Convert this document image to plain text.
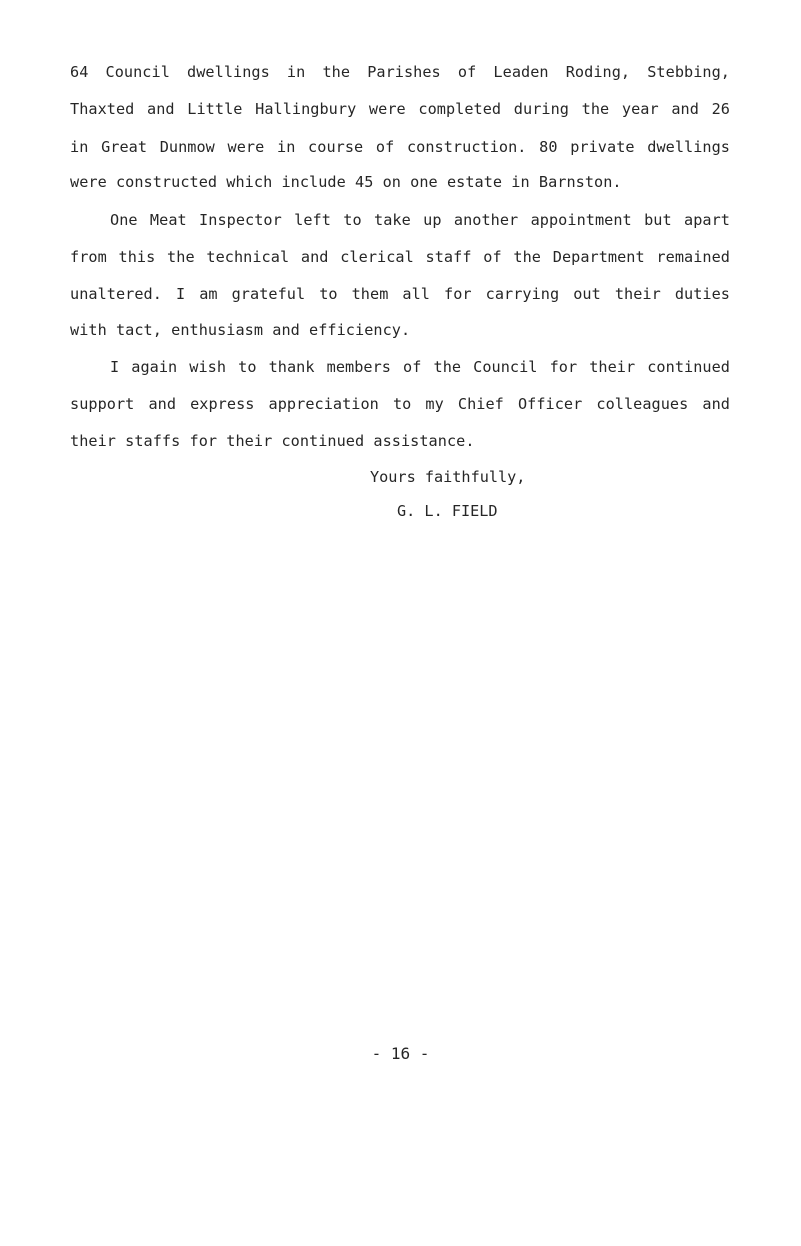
64 Council dwellings in the Parishes of Leaden Roding, Stebbing,
Thaxted and Little Hallingbury were completed during the year and 26
in Great Dunmow were in course of construction. 80 private dwellings
were constructed which include 45 on one estate in Barnston.
One Meat Inspector left to take up another appointment but apart
from this the technical and clerical staff of the Department remained
unaltered. I am grateful to them all for carrying out their duties
with tact, enthusiasm and efficiency.
I again wish to thank members of the Council for their continued
support and express appreciation to my Chief Officer colleagues and
their staffs for their continued assistance.
Yours faithfully,
G. L. FIELD
- 16 -
